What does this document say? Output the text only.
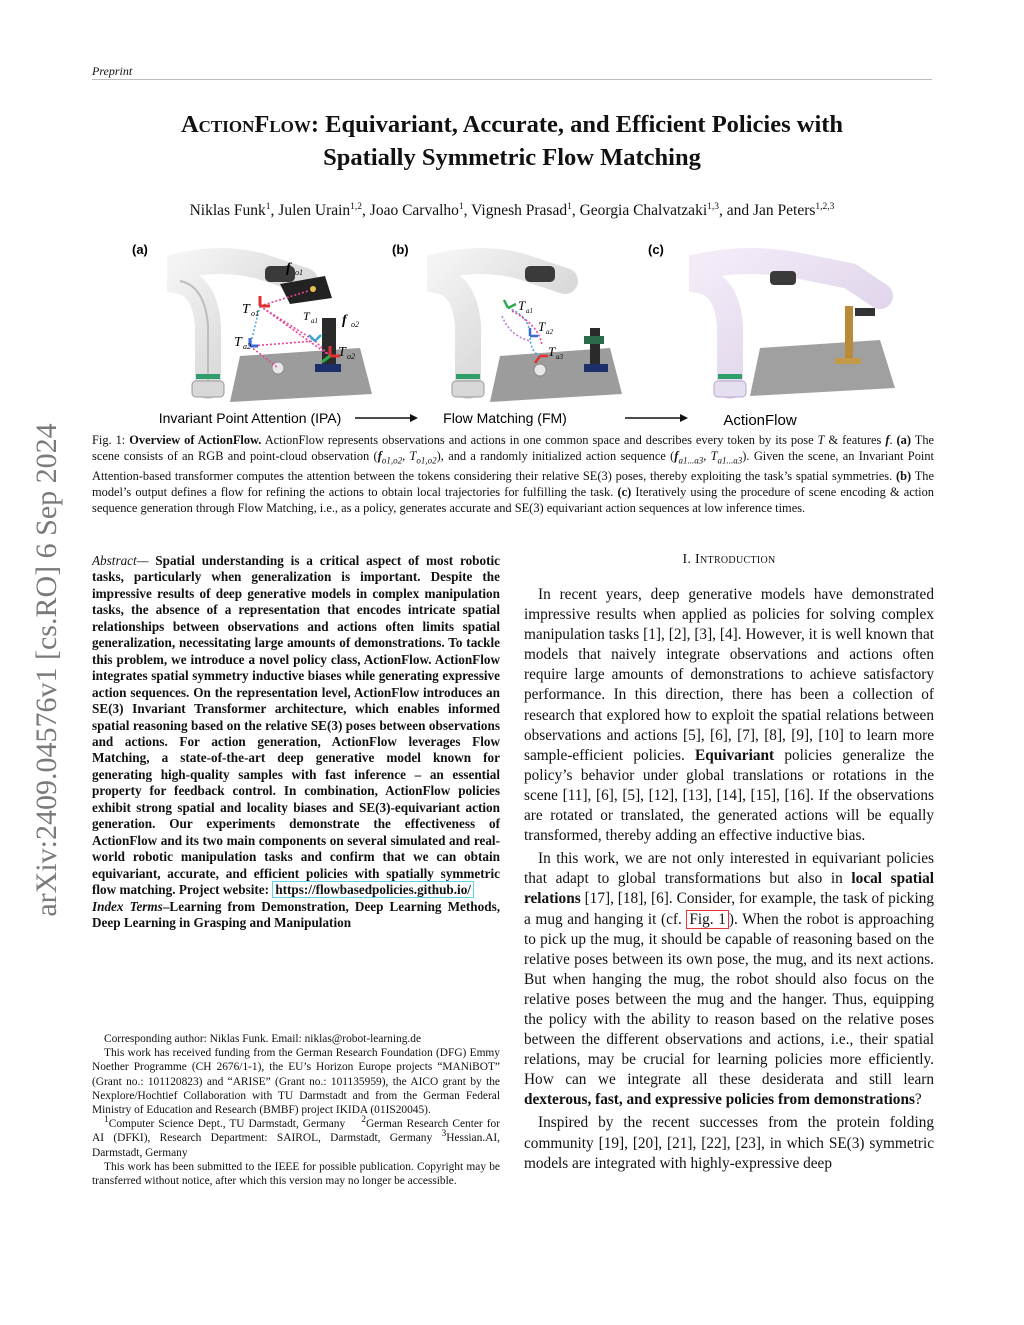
Preprint
arXiv:2409.04576v1 [cs.RO] 6 Sep 2024
ActionFlow: Equivariant, Accurate, and Efficient Policies with
Spatially Symmetric Flow Matching
Niklas Funk$^1$, Julen Urain$^{1,2}$, Joao Carvalho$^1$, Vignesh Prasad$^1$, Georgia Chalvatzaki$^{1,3}$, and Jan Peters$^{1,2,3}$
(a)	(b)	(c)
f o1
T o1	T a1 f o2
T a2	T o2
T a1
T a2
T a3
Invariant Point Attention (IPA)	Flow Matching (FM)	ActionFlow
Fig. 1: Overview of ActionFlow. ActionFlow represents observations and actions in one common space and describes every token by its pose T & features f. (a) The scene consists of an RGB and point-cloud observation ($f_{o1,o2}$, $T_{o1,o2}$), and a randomly initialized action sequence ($f_{a1...a3}$, $T_{a1...a3}$). Given the scene, an Invariant Point Attention-based transformer computes the attention between the tokens considering their relative SE(3) poses, thereby exploiting the task’s spatial symmetries. (b) The model’s output defines a flow for refining the actions to obtain local trajectories for fulfilling the task. (c) Iteratively using the procedure of scene encoding & action sequence generation through Flow Matching, i.e., as a policy, generates accurate and SE(3) equivariant action sequences at low inference times.
Abstract— Spatial understanding is a critical aspect of most robotic tasks, particularly when generalization is important. Despite the impressive results of deep generative models in complex manipulation tasks, the absence of a representation that encodes intricate spatial relationships between observations and actions often limits spatial generalization, necessitating large amounts of demonstrations. To tackle this problem, we introduce a novel policy class, ActionFlow. ActionFlow integrates spatial symmetry inductive biases while generating expressive action sequences. On the representation level, ActionFlow introduces an SE(3) Invariant Transformer architecture, which enables informed spatial reasoning based on the relative SE(3) poses between observations and actions. For action generation, ActionFlow leverages Flow Matching, a state-of-the-art deep generative model known for generating high-quality samples with fast inference – an essential property for feedback control. In combination, ActionFlow policies exhibit strong spatial and locality biases and SE(3)-equivariant action generation. Our experiments demonstrate the effectiveness of ActionFlow and its two main components on several simulated and real-world robotic manipulation tasks and confirm that we can obtain equivariant, accurate, and efficient policies with spatially symmetric flow matching. Project website: https://flowbasedpolicies.github.io/
Index Terms–Learning from Demonstration, Deep Learning Methods, Deep Learning in Grasping and Manipulation

Corresponding author: Niklas Funk. Email: niklas@robot-learning.de

This work has received funding from the German Research Foundation (DFG) Emmy Noether Programme (CH 2676/1-1), the EU’s Horizon Europe projects “MANiBOT” (Grant no.: 101120823) and “ARISE” (Grant no.: 101135959), the AICO grant by the Nexplore/Hochtief Collaboration with TU Darmstadt and from the German Federal Ministry of Education and Research (BMBF) project IKIDA (01IS20045).

$^1$Computer Science Dept., TU Darmstadt, Germany $^2$German Research Center for AI (DFKI), Research Department: SAIROL, Darmstadt, Germany $^3$Hessian.AI, Darmstadt, Germany

This work has been submitted to the IEEE for possible publication. Copyright may be transferred without notice, after which this version may no longer be accessible.

I. Introduction

In recent years, deep generative models have demonstrated impressive results when applied as policies for solving complex manipulation tasks [1], [2], [3], [4]. However, it is well known that models that naively integrate observations and actions often require large amounts of demonstrations to achieve satisfactory performance. In this direction, there has been a collection of research that explored how to exploit the spatial relations between observations and actions [5], [6], [7], [8], [9], [10] to learn more sample-efficient policies. Equivariant policies generalize the policy’s behavior under global translations or rotations in the scene [11], [6], [5], [12], [13], [14], [15], [16]. If the observations are rotated or translated, the generated actions will be equally transformed, thereby adding an effective inductive bias.

In this work, we are not only interested in equivariant policies that adapt to global transformations but also in local spatial relations [17], [18], [6]. Consider, for example, the task of picking a mug and hanging it (cf. Fig. 1 ). When the robot is approaching to pick up the mug, it should be capable of reasoning based on the relative poses between its own pose, the mug, and its next actions. But when hanging the mug, the robot should also focus on the relative poses between the mug and the hanger. Thus, equipping the policy with the ability to reason based on the relative poses between the different observations and actions, i.e., their spatial relations, may be crucial for learning policies more efficiently. How can we integrate all these desiderata and still learn dexterous, fast, and expressive policies from demonstrations?

Inspired by the recent successes from the protein folding community [19], [20], [21], [22], [23], in which SE(3) symmetric models are integrated with highly-expressive deep
